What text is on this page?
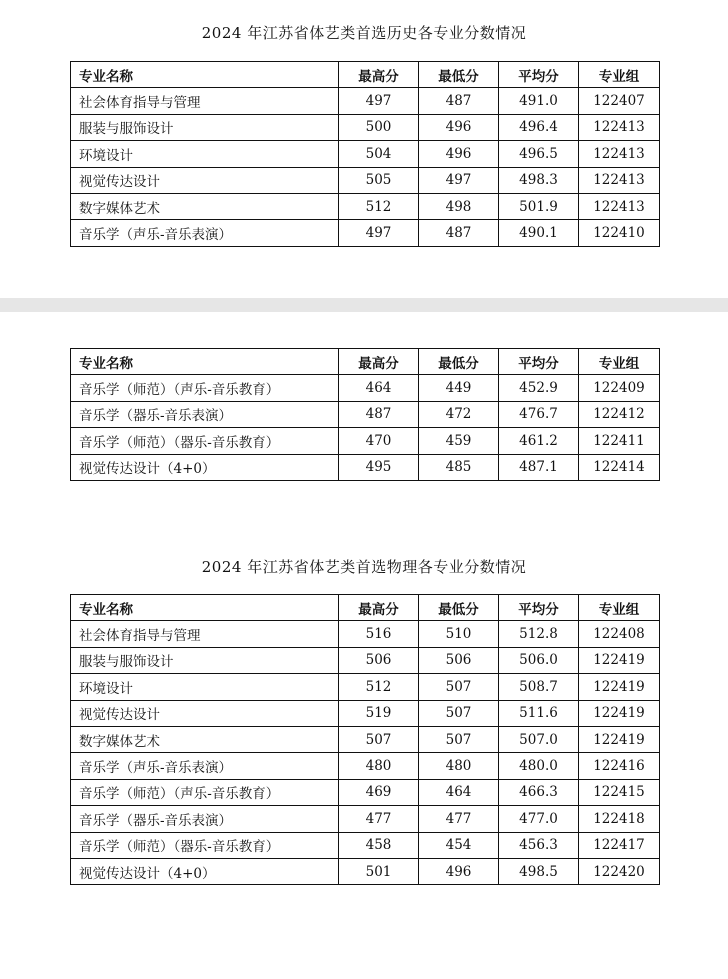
2024 年江苏省体艺类首选历史各专业分数情况
专业名称	最高分	最低分	平均分	专业组
社会体育指导与管理	497	487	491.0	122407
服装与服饰设计	500	496	496.4	122413
环境设计	504	496	496.5	122413
视觉传达设计	505	497	498.3	122413
数字媒体艺术	512	498	501.9	122413
音乐学（声乐-音乐表演）	497	487	490.1	122410
专业名称	最高分	最低分	平均分	专业组
音乐学（师范）（声乐-音乐教育）	464	449	452.9	122409
音乐学（器乐-音乐表演）	487	472	476.7	122412
音乐学（师范）（器乐-音乐教育）	470	459	461.2	122411
视觉传达设计（4+0）	495	485	487.1	122414
2024 年江苏省体艺类首选物理各专业分数情况
专业名称	最高分	最低分	平均分	专业组
社会体育指导与管理	516	510	512.8	122408
服装与服饰设计	506	506	506.0	122419
环境设计	512	507	508.7	122419
视觉传达设计	519	507	511.6	122419
数字媒体艺术	507	507	507.0	122419
音乐学（声乐-音乐表演）	480	480	480.0	122416
音乐学（师范）（声乐-音乐教育）	469	464	466.3	122415
音乐学（器乐-音乐表演）	477	477	477.0	122418
音乐学（师范）（器乐-音乐教育）	458	454	456.3	122417
视觉传达设计（4+0）	501	496	498.5	122420
